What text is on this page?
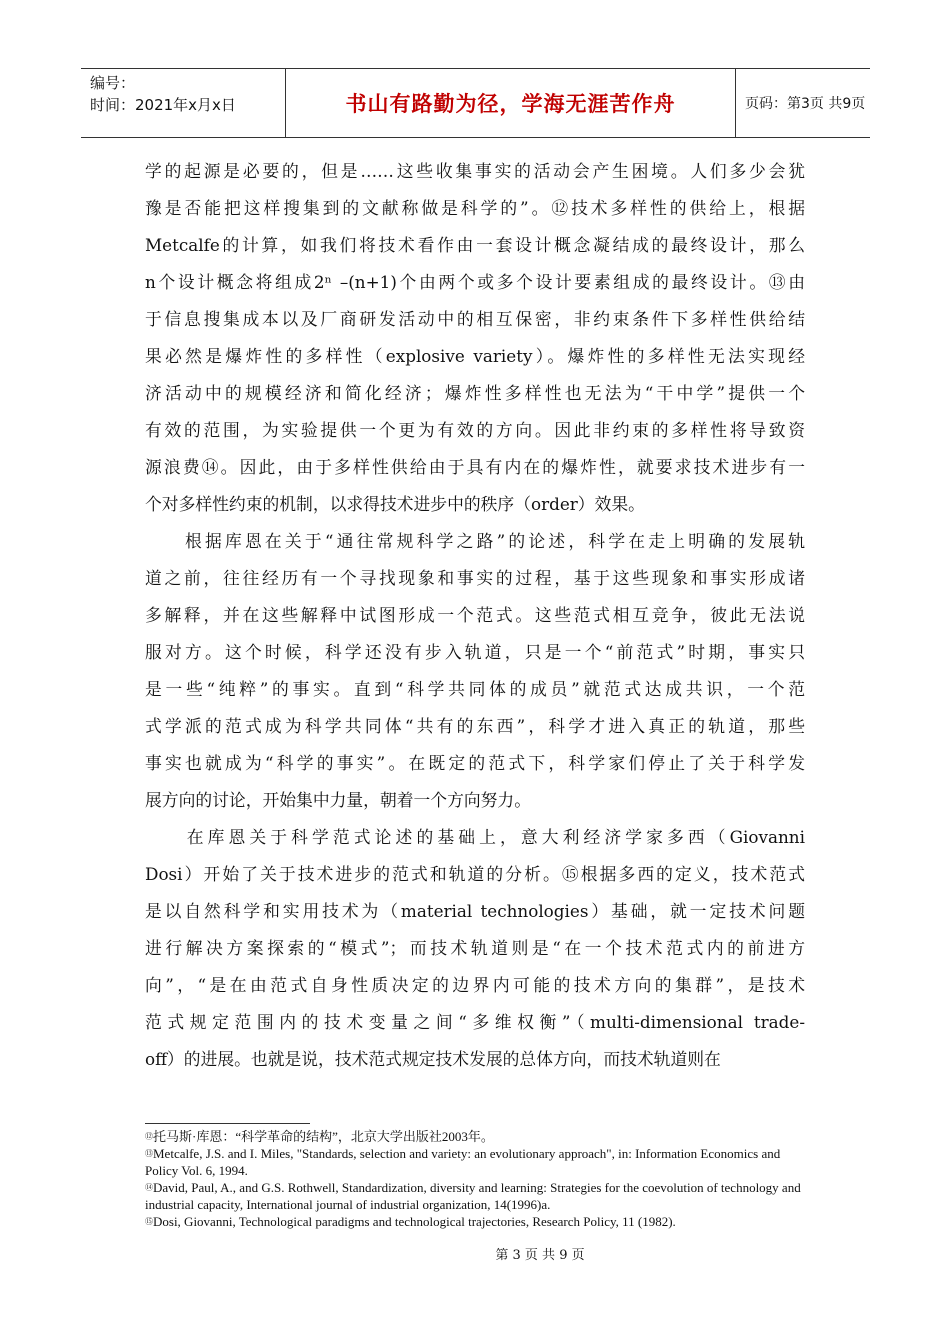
编号：
时间：2021年x月x日	书山有路勤为径，学海无涯苦作舟	页码：第3页 共9页
学的起源是必要的，但是……这些收集事实的活动会产生困境。人们多少会犹
豫是否能把这样搜集到的文献称做是科学的”。⑫技术多样性的供给上，根据
Metcalfe的计算，如我们将技术看作由一套设计概念凝结成的最终设计，那么
n个设计概念将组成2ⁿ –(n+1)个由两个或多个设计要素组成的最终设计。⑬由
于信息搜集成本以及厂商研发活动中的相互保密，非约束条件下多样性供给结
果必然是爆炸性的多样性（explosive variety）。爆炸性的多样性无法实现经
济活动中的规模经济和简化经济；爆炸性多样性也无法为“干中学”提供一个
有效的范围，为实验提供一个更为有效的方向。因此非约束的多样性将导致资
源浪费⑭。因此，由于多样性供给由于具有内在的爆炸性，就要求技术进步有一
个对多样性约束的机制，以求得技术进步中的秩序（order）效果。
　　根据库恩在关于“通往常规科学之路”的论述，科学在走上明确的发展轨
道之前，往往经历有一个寻找现象和事实的过程，基于这些现象和事实形成诸
多解释，并在这些解释中试图形成一个范式。这些范式相互竞争，彼此无法说
服对方。这个时候，科学还没有步入轨道，只是一个“前范式”时期，事实只
是一些“纯粹”的事实。直到“科学共同体的成员”就范式达成共识，一个范
式学派的范式成为科学共同体“共有的东西”，科学才进入真正的轨道，那些
事实也就成为“科学的事实”。在既定的范式下，科学家们停止了关于科学发
展方向的讨论，开始集中力量，朝着一个方向努力。
　　在库恩关于科学范式论述的基础上，意大利经济学家多西（Giovanni
Dosi）开始了关于技术进步的范式和轨道的分析。⑮根据多西的定义，技术范式
是以自然科学和实用技术为（material technologies）基础，就一定技术问题
进行解决方案探索的“模式”；而技术轨道则是“在一个技术范式内的前进方
向”，“是在由范式自身性质决定的边界内可能的技术方向的集群”，是技术
范式规定范围内的技术变量之间“多维权衡”（multi-dimensional trade-
off）的进展。也就是说，技术范式规定技术发展的总体方向，而技术轨道则在

⑫托马斯·库恩：“科学革命的结构”，北京大学出版社2003年。

⑬Metcalfe, J.S. and I. Miles, "Standards, selection and variety: an evolutionary approach", in: Information Economics and Policy Vol. 6, 1994.

⑭David, Paul, A., and G.S. Rothwell, Standardization, diversity and learning: Strategies for the coevolution of technology and industrial capacity, International journal of industrial organization, 14(1996)a.

⑮Dosi, Giovanni, Technological paradigms and technological trajectories, Research Policy, 11 (1982).

第 3 页 共 9 页
